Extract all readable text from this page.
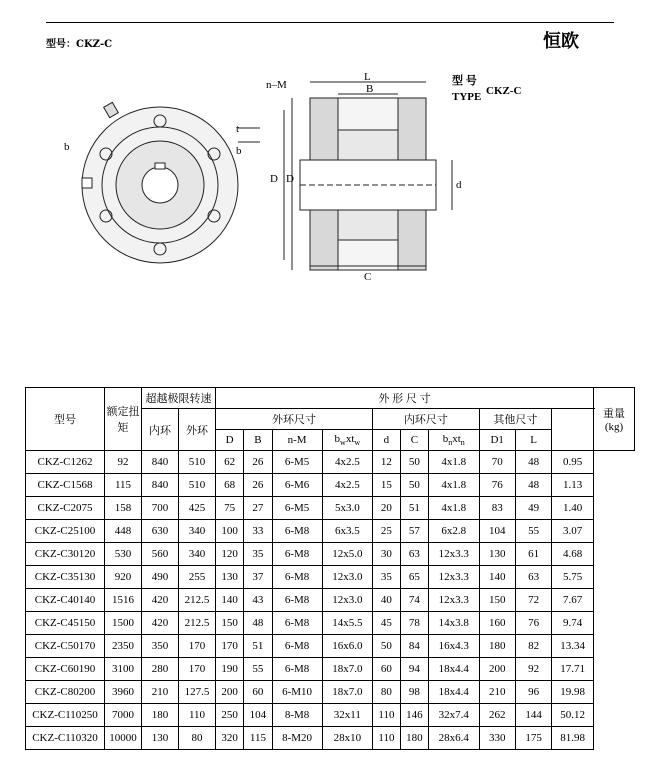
型号：CKZ-C	恒欧
b
t
b
n–M
L
B
D D	d
C
型 号
TYPE CKZ-C
型号	额定扭矩	超越极限转速		外 形 尺 寸										重量(kg)
		内环	外环	外环尺寸				内环尺寸			其他尺寸			
				D	B	n-M	$b_wxt_w$	d	C	$b_nxt_n$	D1	L		
CKZ-C1262	92	840	510	62	26	6-M5	4x2.5	12	50	4x1.8	70	48	0.95	
CKZ-C1568	115	840	510	68	26	6-M6	4x2.5	15	50	4x1.8	76	48	1.13	
CKZ-C2075	158	700	425	75	27	6-M5	5x3.0	20	51	4x1.8	83	49	1.40	
CKZ-C25100	448	630	340	100	33	6-M8	6x3.5	25	57	6x2.8	104	55	3.07	
CKZ-C30120	530	560	340	120	35	6-M8	12x5.0	30	63	12x3.3	130	61	4.68	
CKZ-C35130	920	490	255	130	37	6-M8	12x3.0	35	65	12x3.3	140	63	5.75	
CKZ-C40140	1516	420	212.5	140	43	6-M8	12x3.0	40	74	12x3.3	150	72	7.67	
CKZ-C45150	1500	420	212.5	150	48	6-M8	14x5.5	45	78	14x3.8	160	76	9.74	
CKZ-C50170	2350	350	170	170	51	6-M8	16x6.0	50	84	16x4.3	180	82	13.34	
CKZ-C60190	3100	280	170	190	55	6-M8	18x7.0	60	94	18x4.4	200	92	17.71	
CKZ-C80200	3960	210	127.5	200	60	6-M10	18x7.0	80	98	18x4.4	210	96	19.98	
CKZ-C110250	7000	180	110	250	104	8-M8	32x11	110	146	32x7.4	262	144	50.12	
CKZ-C110320	10000	130	80	320	115	8-M20	28x10	110	180	28x6.4	330	175	81.98	
